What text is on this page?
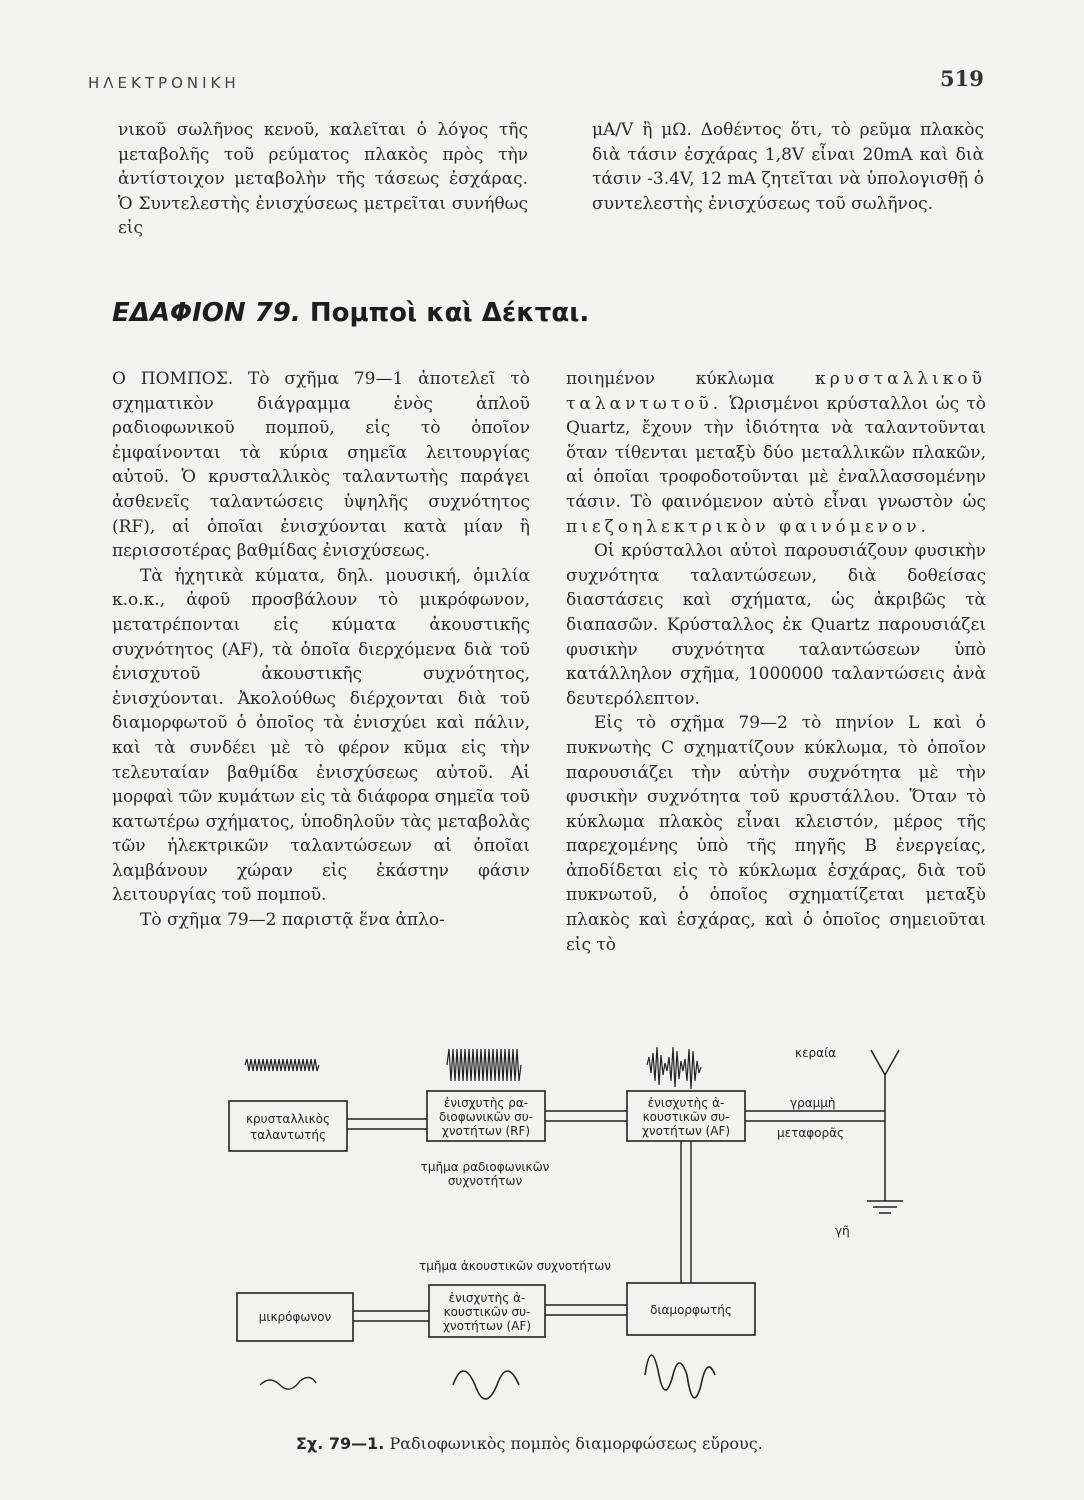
ΗΛΕΚΤΡΟΝΙΚΗ	519

νικοῦ σωλῆνος κενοῦ, καλεῖται ὁ λόγος τῆς μεταβολῆς τοῦ ρεύματος πλακὸς πρὸς τὴν ἀντίστοιχον μεταβολὴν τῆς τάσεως ἐσχάρας. Ὁ Συντελεστὴς ἐνισχύσεως μετρεῖται συνήθως εἰς

μA/V ἢ μΩ. Δοθέντος ὅτι, τὸ ρεῦμα πλακὸς διὰ τάσιν ἐσχάρας 1,8V εἶναι 20mA καὶ διὰ τάσιν -3.4V, 12 mA ζητεῖται νὰ ὑπολογισθῇ ὁ συντελεστὴς ἐνισχύσεως τοῦ σωλῆνος.

ΕΔΑΦΙΟΝ 79. Πομποὶ καὶ Δέκται.

Ο ΠΟΜΠΟΣ. Τὸ σχῆμα 79—1 ἀποτελεῖ τὸ σχηματικὸν διάγραμμα ἑνὸς ἁπλοῦ ραδιοφωνικοῦ πομποῦ, εἰς τὸ ὁποῖον ἐμφαίνονται τὰ κύρια σημεῖα λειτουργίας αὐτοῦ. Ὁ κρυσταλλικὸς ταλαντωτὴς παράγει ἀσθενεῖς ταλαντώσεις ὑψηλῆς συχνότητος (RF), αἱ ὁποῖαι ἐνισχύονται κατὰ μίαν ἢ περισσοτέρας βαθμίδας ἐνισχύσεως.

Τὰ ἠχητικὰ κύματα, δηλ. μουσική, ὁμιλία κ.ο.κ., ἀφοῦ προσβάλουν τὸ μικρόφωνον, μετατρέπονται εἰς κύματα ἀκουστικῆς συχνότητος (AF), τὰ ὁποῖα διερχόμενα διὰ τοῦ ἐνισχυτοῦ ἀκουστικῆς συχνότητος, ἐνισχύονται. Ἀκολούθως διέρχονται διὰ τοῦ διαμορφωτοῦ ὁ ὁποῖος τὰ ἐνισχύει καὶ πάλιν, καὶ τὰ συνδέει μὲ τὸ φέρον κῦμα εἰς τὴν τελευταίαν βαθμίδα ἐνισχύσεως αὐτοῦ. Αἱ μορφαὶ τῶν κυμάτων εἰς τὰ διάφορα σημεῖα τοῦ κατωτέρω σχήματος, ὑποδηλοῦν τὰς μεταβολὰς τῶν ἠλεκτρικῶν ταλαντώσεων αἱ ὁποῖαι λαμβάνουν χώραν εἰς ἑκάστην φάσιν λειτουργίας τοῦ πομποῦ.

Τὸ σχῆμα 79—2 παριστᾷ ἕνα ἁπλο-

ποιημένον κύκλωμα κρυσταλλικοῦ ταλαντωτοῦ. Ὡρισμένοι κρύσταλλοι ὡς τὸ Quartz, ἔχουν τὴν ἰδιότητα νὰ ταλαντοῦνται ὅταν τίθενται μεταξὺ δύο μεταλλικῶν πλακῶν, αἱ ὁποῖαι τροφοδοτοῦνται μὲ ἐναλλασσομένην τάσιν. Τὸ φαινόμενον αὐτὸ εἶναι γνωστὸν ὡς πιεζοηλεκτρικὸν φαινόμενον.

Οἱ κρύσταλλοι αὐτοὶ παρουσιάζουν φυσικὴν συχνότητα ταλαντώσεων, διὰ δοθείσας διαστάσεις καὶ σχήματα, ὡς ἀκριβῶς τὰ διαπασῶν. Κρύσταλλος ἐκ Quartz παρουσιάζει φυσικὴν συχνότητα ταλαντώσεων ὑπὸ κατάλληλον σχῆμα, 1000000 ταλαντώσεις ἀνὰ δευτερόλεπτον.

Εἰς τὸ σχῆμα 79—2 τὸ πηνίον L καὶ ὁ πυκνωτὴς C σχηματίζουν κύκλωμα, τὸ ὁποῖον παρουσιάζει τὴν αὐτὴν συχνότητα μὲ τὴν φυσικὴν συχνότητα τοῦ κρυστάλλου. Ὅταν τὸ κύκλωμα πλακὸς εἶναι κλειστόν, μέρος τῆς παρεχομένης ὑπὸ τῆς πηγῆς B ἐνεργείας, ἀποδίδεται εἰς τὸ κύκλωμα ἐσχάρας, διὰ τοῦ πυκνωτοῦ, ὁ ὁποῖος σχηματίζεται μεταξὺ πλακὸς καὶ ἐσχάρας, καὶ ὁ ὁποῖος σημειοῦται εἰς τὸ

κεραία
κρυσταλλικὸς
ταλαντωτής
ἐνισχυτὴς ρα-
διοφωνικῶν συ-
χνοτήτων (RF)
ἐνισχυτὴς ἀ-
κουστικῶν συ-
χνοτήτων (AF)
γραμμὴ
μεταφορᾶς
γῆ
τμῆμα ραδιοφωνικῶν
συχνοτήτων
τμῆμα ἀκουστικῶν συχνοτήτων
μικρόφωνον
ἐνισχυτὴς ἀ-
κουστικῶν συ-
χνοτήτων (AF)
διαμορφωτής
Σχ. 79—1. Ραδιοφωνικὸς πομπὸς διαμορφώσεως εὔρους.
